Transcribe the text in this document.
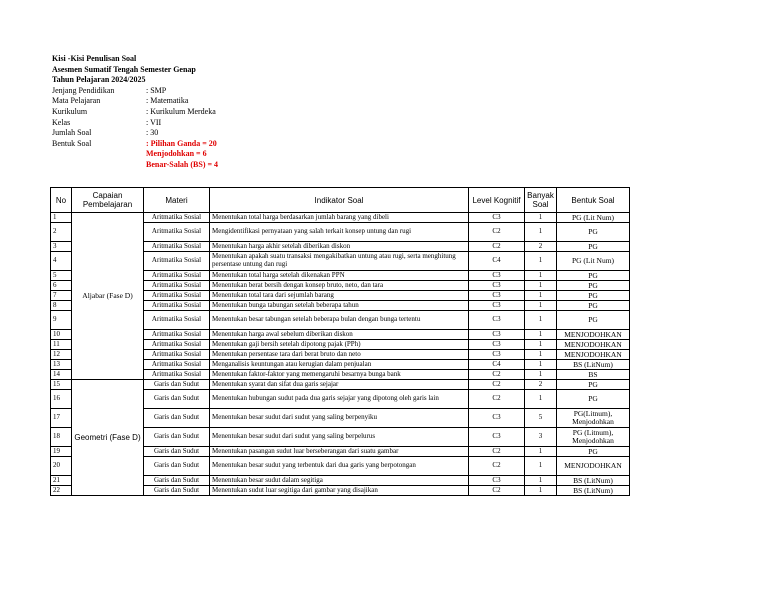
Kisi -Kisi Penulisan Soal
Asesmen Sumatif Tengah Semester Genap
Tahun Pelajaran 2024/2025
Jenjang Pendidikan	: SMP
Mata Pelajaran	: Matematika
Kurikulum	: Kurikulum Merdeka
Kelas	: VII
Jumlah Soal	: 30
Bentuk Soal	: Pilihan Ganda = 20
Menjodohkan = 6
Benar-Salah (BS) = 4
No	Capaian Pembelajaran	Materi	Indikator Soal	Level Kognitif	Banyak Soal	Bentuk Soal
1	Aljabar (Fase D)	Aritmatika Sosial	Menentukan total harga berdasarkan jumlah barang yang dibeli	C3	1	PG (Lit Num)
2		Aritmatika Sosial	Mengidentifikasi pernyataan yang salah terkait konsep untung dan rugi	C2	1	PG
3		Aritmatika Sosial	Menentukan harga akhir setelah diberikan diskon	C2	2	PG
4		Aritmatika Sosial	Menentukan apakah suatu transaksi mengakibatkan untung atau rugi, serta menghitung persentase untung dan rugi	C4	1	PG (Lit Num)
5		Aritmatika Sosial	Menentukan total harga setelah dikenakan PPN	C3	1	PG
6		Aritmatika Sosial	Menentukan berat bersih dengan konsep bruto, neto, dan tara	C3	1	PG
7		Aritmatika Sosial	Menentukan total tara dari sejumlah barang	C3	1	PG
8		Aritmatika Sosial	Menentukan bunga tabungan setelah beberapa tahun	C3	1	PG
9		Aritmatika Sosial	Menentukan besar tabungan setelah beberapa bulan dengan bunga tertentu	C3	1	PG
10		Aritmatika Sosial	Menentukan harga awal sebelum diberikan diskon	C3	1	MENJODOHKAN
11		Aritmatika Sosial	Menentukan gaji bersih setelah dipotong pajak (PPh)	C3	1	MENJODOHKAN
12		Aritmatika Sosial	Menentukan persentase tara dari berat bruto dan neto	C3	1	MENJODOHKAN
13		Aritmatika Sosial	Menganalisis keuntungan atau kerugian dalam penjualan	C4	1	BS (LitNum)
14		Aritmatika Sosial	Menentukan faktor-faktor yang memengaruhi besarnya bunga bank	C2	1	BS
15	Geometri (Fase D)	Garis dan Sudut	Menentukan syarat dan sifat dua garis sejajar	C2	2	PG
16		Garis dan Sudut	Menentukan hubungan sudut pada dua garis sejajar yang dipotong oleh garis lain	C2	1	PG
17		Garis dan Sudut	Menentukan besar sudut dari sudut yang saling berpenyiku	C3	5	PG(Litnum), Menjodohkan
18		Garis dan Sudut	Menentukan besar sudut dari sudut yang saling berpelurus	C3	3	PG (Litnum), Menjodohkan
19		Garis dan Sudut	Menentukan pasangan sudut luar berseberangan dari suatu gambar	C2	1	PG
20		Garis dan Sudut	Menentukan besar sudut yang terbentuk dari dua garis yang berpotongan	C2	1	MENJODOHKAN
21		Garis dan Sudut	Menentukan besar sudut dalam segitiga	C3	1	BS (LitNum)
22		Garis dan Sudut	Menentukan sudut luar segitiga dari gambar yang disajikan	C2	1	BS (LitNum)
